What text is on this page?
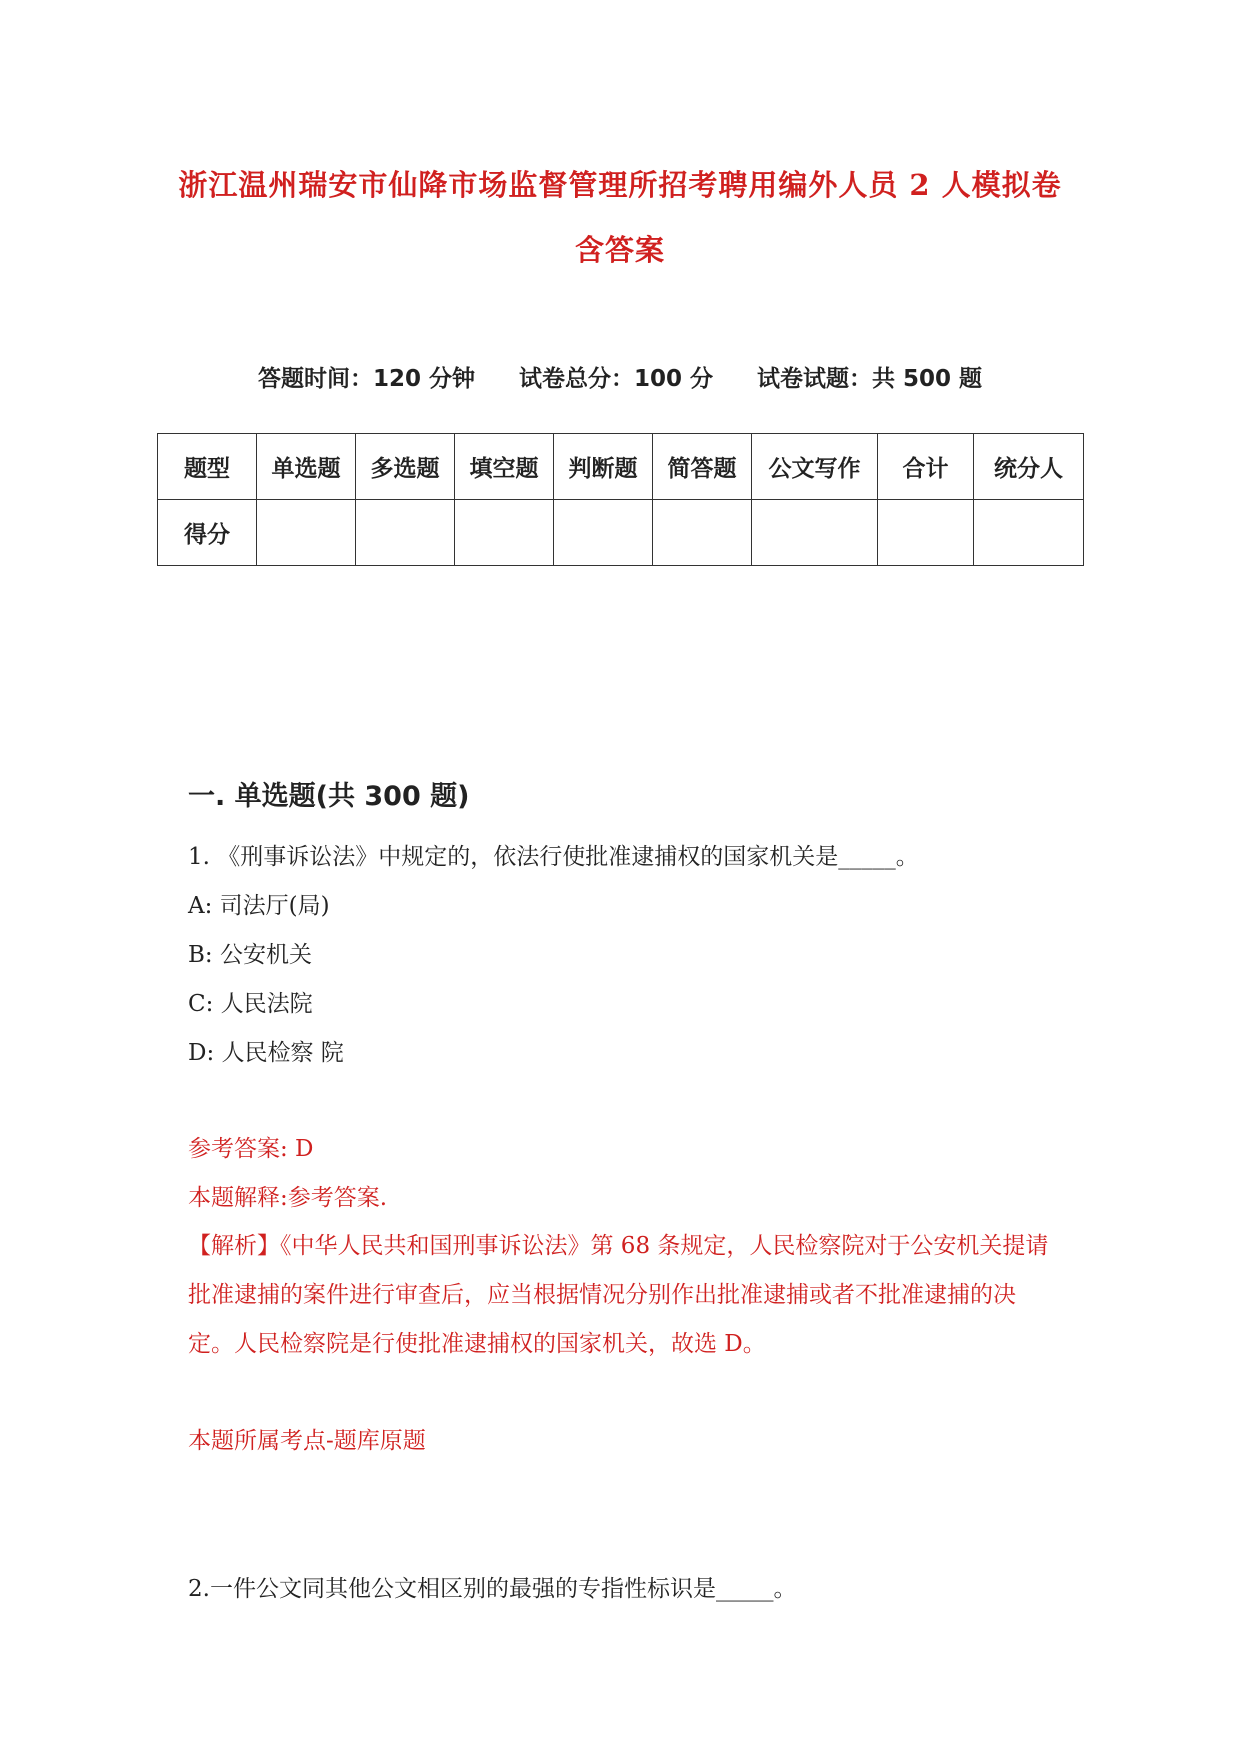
浙江温州瑞安市仙降市场监督管理所招考聘用编外人员 2 人模拟卷
含答案
答题时间：120 分钟 试卷总分：100 分 试卷试题：共 500 题
题型	单选题	多选题	填空题	判断题	简答题	公文写作	合计	统分人
得分								
一. 单选题(共 300 题)
1. 《刑事诉讼法》中规定的，依法行使批准逮捕权的国家机关是_____。
A: 司法厅(局)
B: 公安机关
C: 人民法院
D: 人民检察 院
参考答案: D
本题解释:参考答案.
【解析】《中华人民共和国刑事诉讼法》第 68 条规定，人民检察院对于公安机关提请批准逮捕的案件进行审查后，应当根据情况分别作出批准逮捕或者不批准逮捕的决定。人民检察院是行使批准逮捕权的国家机关，故选 D。
本题所属考点-题库原题
2.一件公文同其他公文相区别的最强的专指性标识是_____。
